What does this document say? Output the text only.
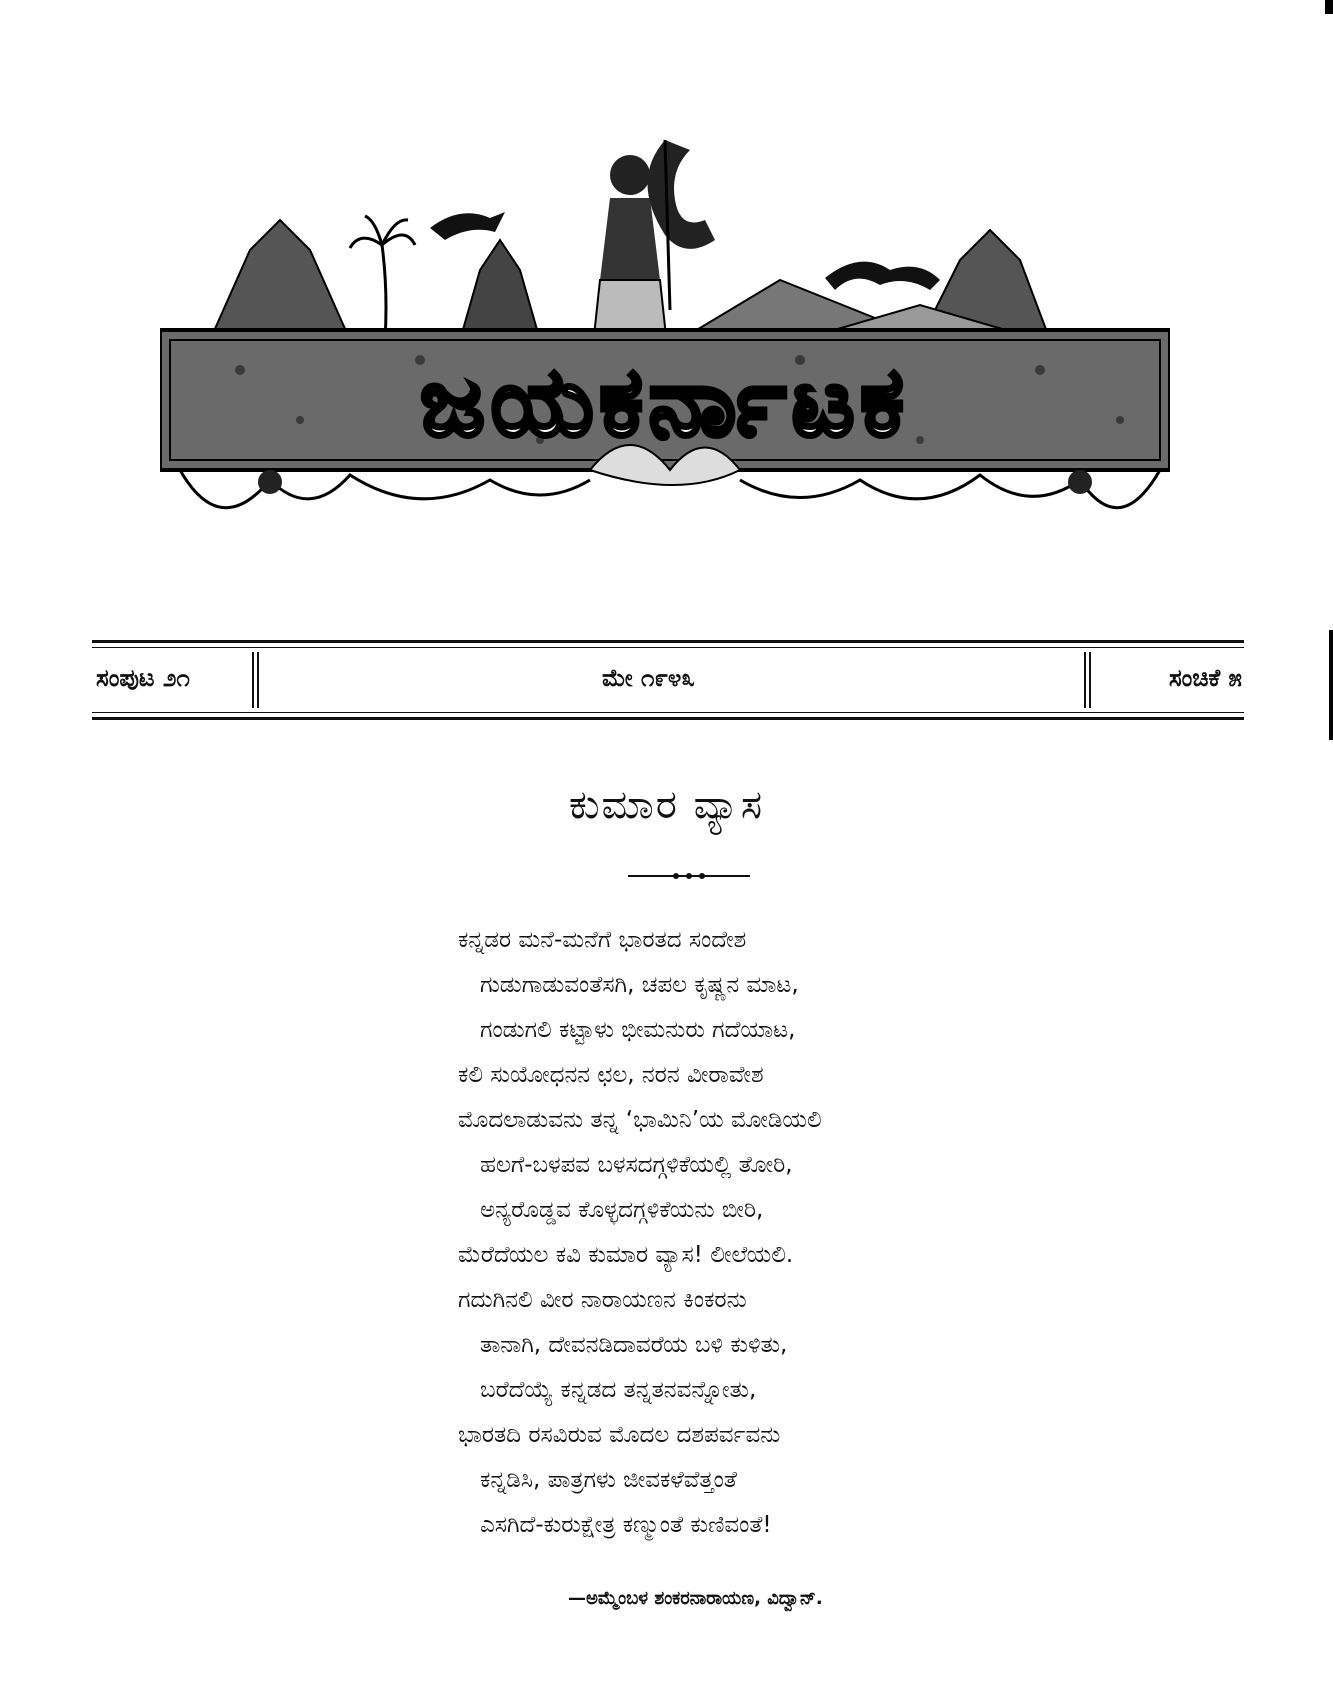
ಜಯಕರ್ನಾಟಕ
ಸಂಪುಟ ೨೧	ಮೇ ೧೯೪೩	ಸಂಚಿಕೆ ೫
ಕುಮಾರ ವ್ಯಾಸ
ಕನ್ನಡರ ಮನೆ-ಮನೆಗೆ ಭಾರತದ ಸಂದೇಶ
ಗುಡುಗಾಡುವಂತೆಸಗಿ, ಚಪಲ ಕೃಷ್ಣನ ಮಾಟ,
ಗಂಡುಗಲಿ ಕಟ್ಟಾಳು ಭೀಮನುರು ಗದೆಯಾಟ,
ಕಲಿ ಸುಯೋಧನನ ಛಲ, ನರನ ವೀರಾವೇಶ
ಮೊದಲಾಡುವನು ತನ್ನ ‘ಭಾಮಿನಿ’ಯ ಮೋಡಿಯಲಿ
ಹಲಗೆ-ಬಳಪವ ಬಳಸದಗ್ಗಳಿಕೆಯಲ್ಲಿ ತೋರಿ,
ಅನ್ಯರೊಡ್ಡವ ಕೊಳ್ಳದಗ್ಗಳಿಕೆಯನು ಬೀರಿ,
ಮೆರೆದೆಯಲ ಕವಿ ಕುಮಾರ ವ್ಯಾಸ! ಲೀಲೆಯಲಿ.
ಗದುಗಿನಲಿ ವೀರ ನಾರಾಯಣನ ಕಿಂಕರನು
ತಾನಾಗಿ, ದೇವನಡಿದಾವರೆಯ ಬಳಿ ಕುಳಿತು,
ಬರೆದೆಯ್ಯೆ ಕನ್ನಡದ ತನ್ನತನವನ್ನೋತು,
ಭಾರತದಿ ರಸವಿರುವ ಮೊದಲ ದಶಪರ್ವವನು
ಕನ್ನಡಿಸಿ, ಪಾತ್ರಗಳು ಜೀವಕಳೆವೆತ್ತಂತೆ
ಎಸಗಿದೆ-ಕುರುಕ್ಷೇತ್ರ ಕಣ್ಮುಂತೆ ಕುಣಿವಂತೆ!
—ಅಮ್ಮೆಂಬಳ ಶಂಕರನಾರಾಯಣ, ವಿದ್ವಾನ್.
